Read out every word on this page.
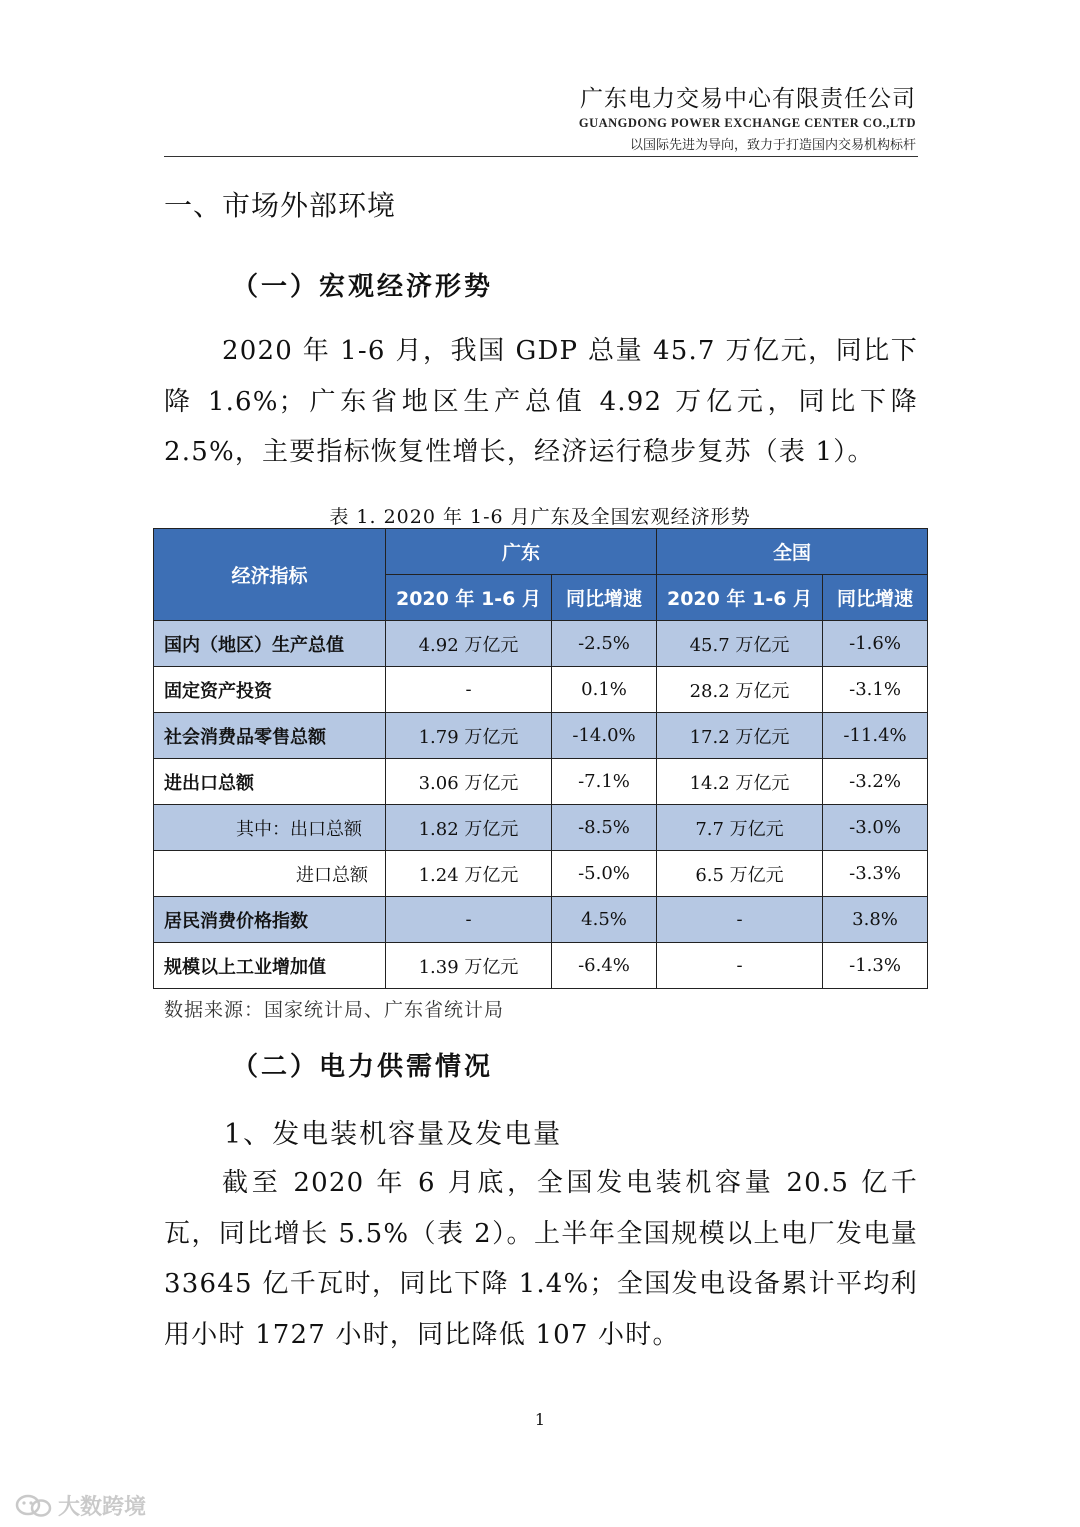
广东电力交易中心有限责任公司
GUANGDONG POWER EXCHANGE CENTER CO.,LTD
以国际先进为导向，致力于打造国内交易机构标杆
一、市场外部环境
（一）宏观经济形势
2020 年 1-6 月，我国 GDP 总量 45.7 万亿元，同比下降 1.6%；广东省地区生产总值 4.92 万亿元，同比下降 2.5%，主要指标恢复性增长，经济运行稳步复苏（表 1）。
表 1. 2020 年 1-6 月广东及全国宏观经济形势
经济指标	广东		全国	
	2020 年 1-6 月	同比增速	2020 年 1-6 月	同比增速
国内（地区）生产总值	4.92 万亿元	-2.5%	45.7 万亿元	-1.6%
固定资产投资	-	0.1%	28.2 万亿元	-3.1%
社会消费品零售总额	1.79 万亿元	-14.0%	17.2 万亿元	-11.4%
进出口总额	3.06 万亿元	-7.1%	14.2 万亿元	-3.2%
其中：出口总额	1.82 万亿元	-8.5%	7.7 万亿元	-3.0%
进口总额	1.24 万亿元	-5.0%	6.5 万亿元	-3.3%
居民消费价格指数	-	4.5%	-	3.8%
规模以上工业增加值	1.39 万亿元	-6.4%	-	-1.3%
数据来源：国家统计局、广东省统计局
（二）电力供需情况
1、发电装机容量及发电量
截至 2020 年 6 月底，全国发电装机容量 20.5 亿千瓦，同比增长 5.5%（表 2）。上半年全国规模以上电厂发电量 33645 亿千瓦时，同比下降 1.4%；全国发电设备累计平均利用小时 1727 小时，同比降低 107 小时。
1
大数跨境
